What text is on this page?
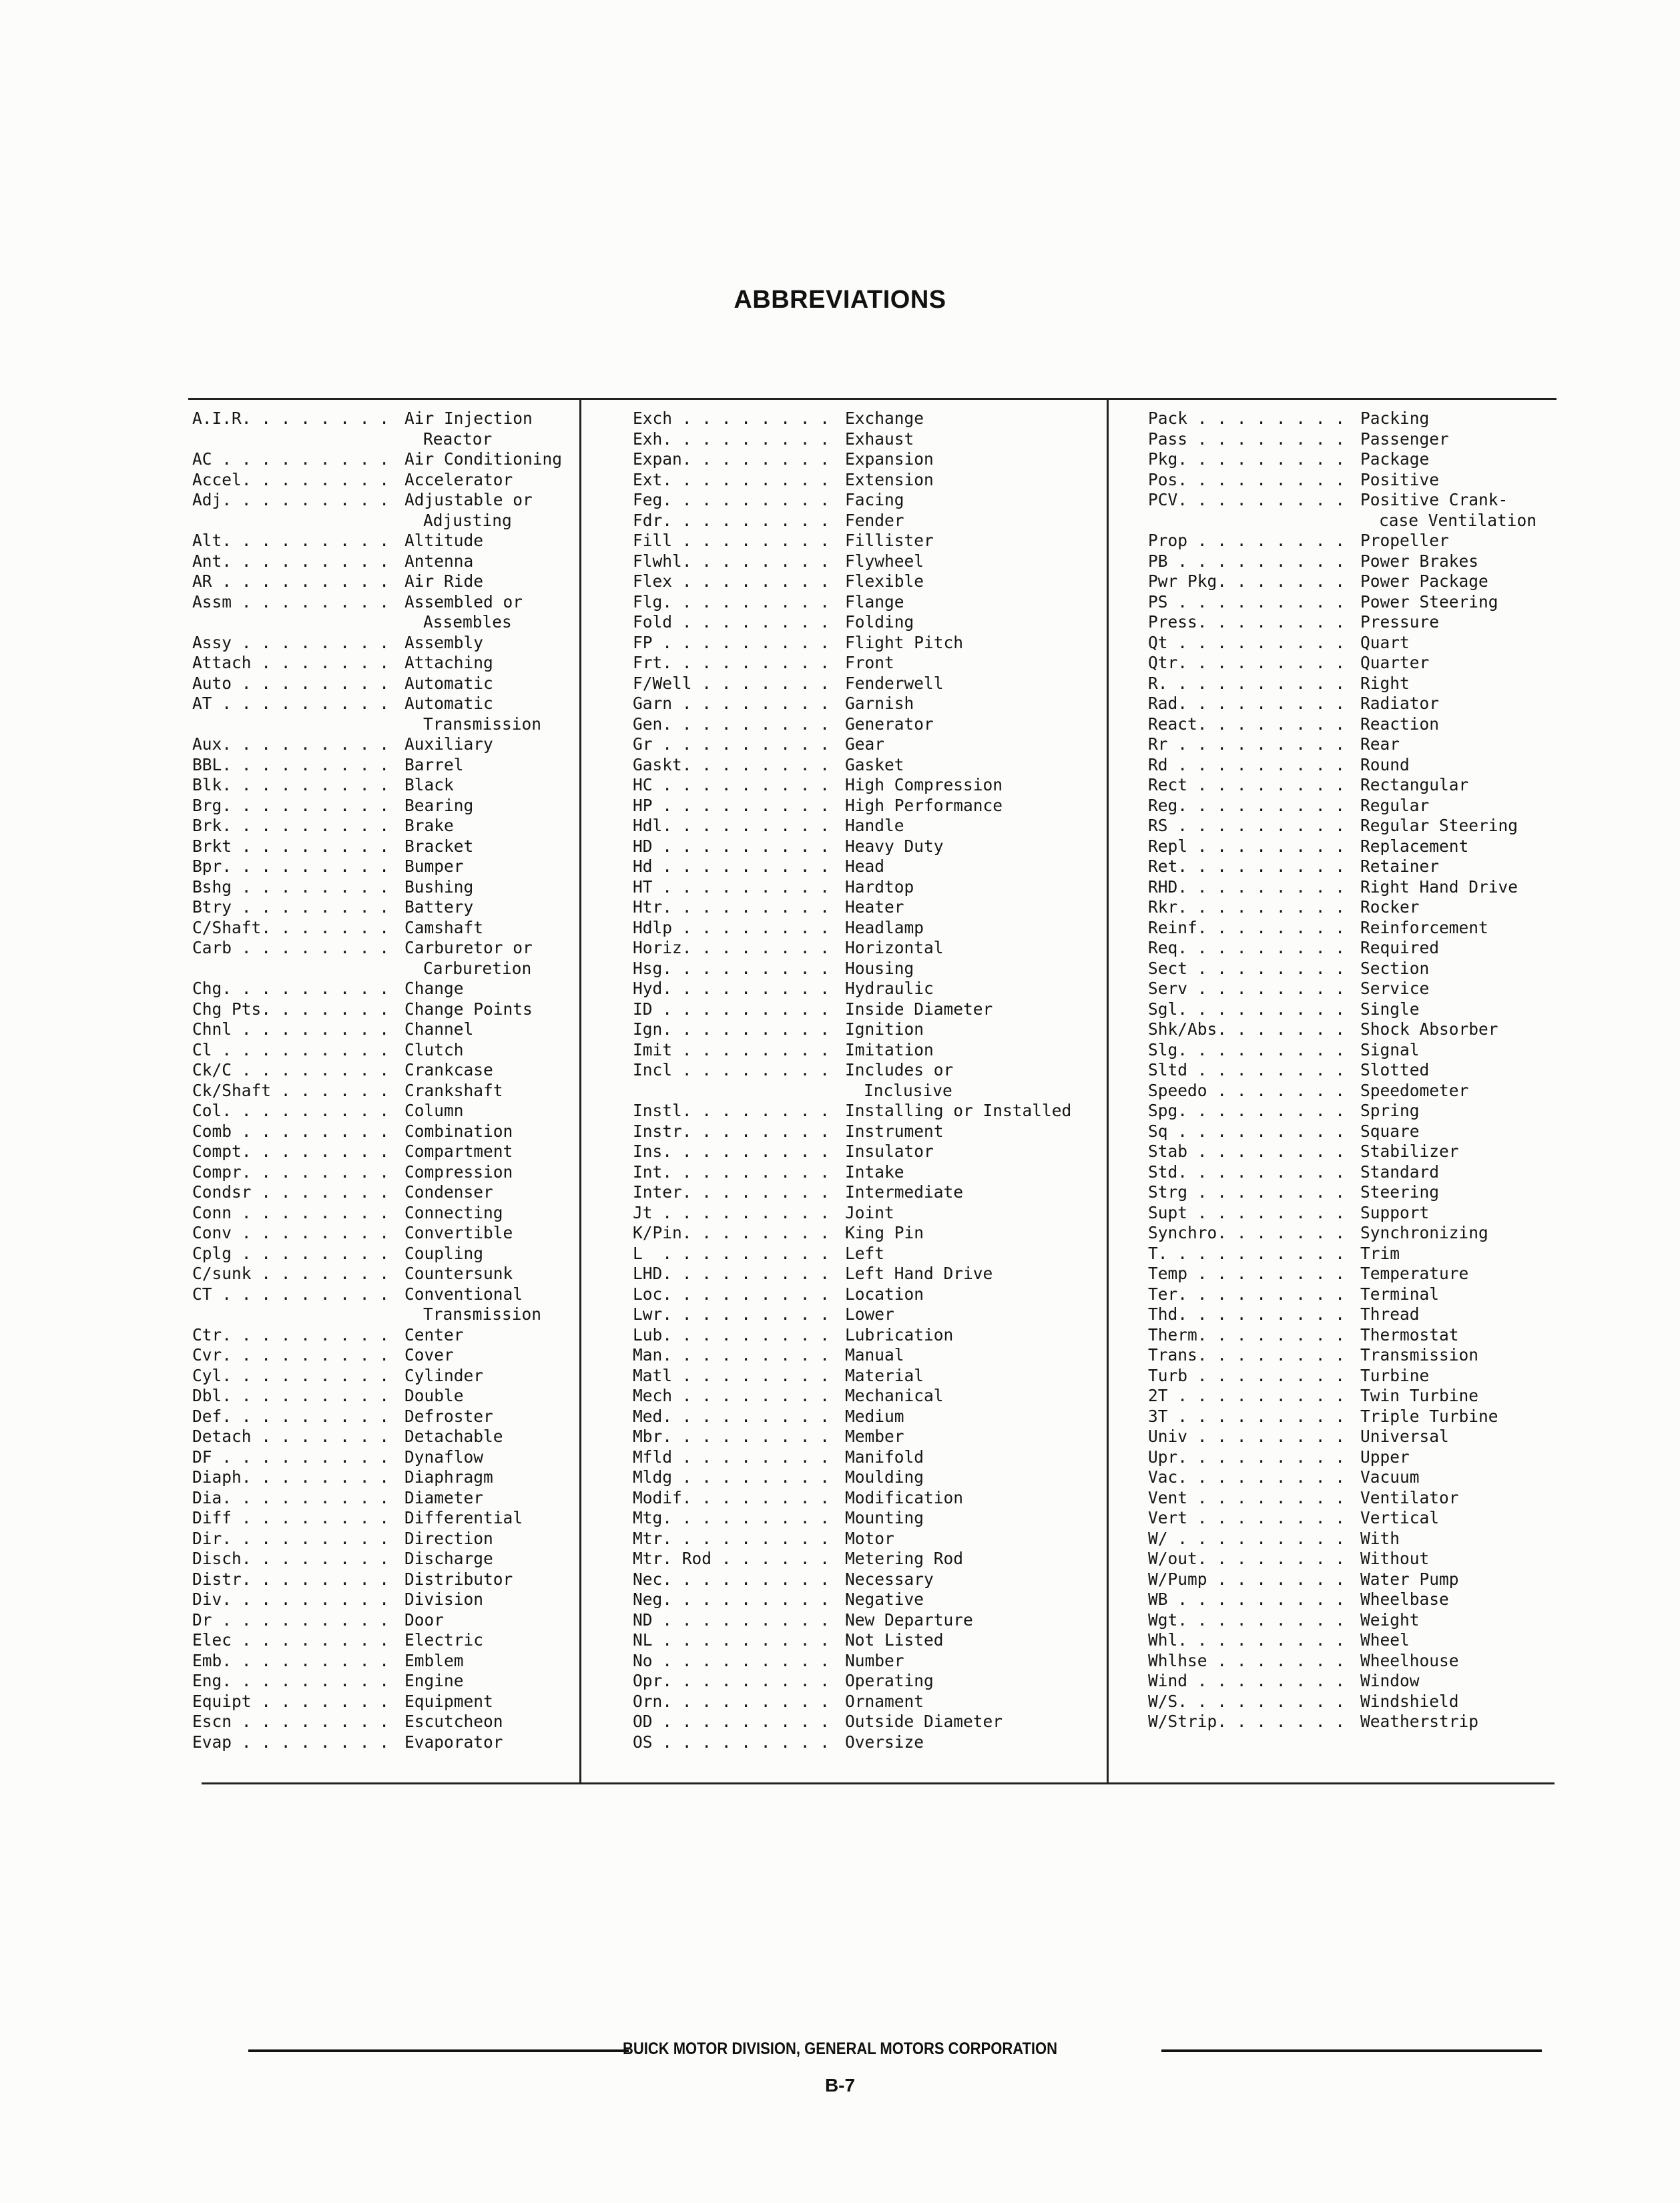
ABBREVIATIONS
A.I.R. . . . . . . . Air Injection
Reactor
AC . . . . . . . . . Air Conditioning
Accel. . . . . . . . Accelerator
Adj. . . . . . . . . Adjustable or
Adjusting
Alt. . . . . . . . . Altitude
Ant. . . . . . . . . Antenna
AR . . . . . . . . . Air Ride
Assm . . . . . . . . Assembled or
Assembles
Assy . . . . . . . . Assembly
Attach . . . . . . . Attaching
Auto . . . . . . . . Automatic
AT . . . . . . . . . Automatic
Transmission
Aux. . . . . . . . . Auxiliary
BBL. . . . . . . . . Barrel
Blk. . . . . . . . . Black
Brg. . . . . . . . . Bearing
Brk. . . . . . . . . Brake
Brkt . . . . . . . . Bracket
Bpr. . . . . . . . . Bumper
Bshg . . . . . . . . Bushing
Btry . . . . . . . . Battery
C/Shaft. . . . . . . Camshaft
Carb . . . . . . . . Carburetor or
Carburetion
Chg. . . . . . . . . Change
Chg Pts. . . . . . . Change Points
Chnl . . . . . . . . Channel
Cl . . . . . . . . . Clutch
Ck/C . . . . . . . . Crankcase
Ck/Shaft . . . . . . Crankshaft
Col. . . . . . . . . Column
Comb . . . . . . . . Combination
Compt. . . . . . . . Compartment
Compr. . . . . . . . Compression
Condsr . . . . . . . Condenser
Conn . . . . . . . . Connecting
Conv . . . . . . . . Convertible
Cplg . . . . . . . . Coupling
C/sunk . . . . . . . Countersunk
CT . . . . . . . . . Conventional
Transmission
Ctr. . . . . . . . . Center
Cvr. . . . . . . . . Cover
Cyl. . . . . . . . . Cylinder
Dbl. . . . . . . . . Double
Def. . . . . . . . . Defroster
Detach . . . . . . . Detachable
DF . . . . . . . . . Dynaflow
Diaph. . . . . . . . Diaphragm
Dia. . . . . . . . . Diameter
Diff . . . . . . . . Differential
Dir. . . . . . . . . Direction
Disch. . . . . . . . Discharge
Distr. . . . . . . . Distributor
Div. . . . . . . . . Division
Dr . . . . . . . . . Door
Elec . . . . . . . . Electric
Emb. . . . . . . . . Emblem
Eng. . . . . . . . . Engine
Equipt . . . . . . . Equipment
Escn . . . . . . . . Escutcheon
Evap . . . . . . . . Evaporator
Exch . . . . . . . . Exchange
Exh. . . . . . . . . Exhaust
Expan. . . . . . . . Expansion
Ext. . . . . . . . . Extension
Feg. . . . . . . . . Facing
Fdr. . . . . . . . . Fender
Fill . . . . . . . . Fillister
Flwhl. . . . . . . . Flywheel
Flex . . . . . . . . Flexible
Flg. . . . . . . . . Flange
Fold . . . . . . . . Folding
FP . . . . . . . . . Flight Pitch
Frt. . . . . . . . . Front
F/Well . . . . . . . Fenderwell
Garn . . . . . . . . Garnish
Gen. . . . . . . . . Generator
Gr . . . . . . . . . Gear
Gaskt. . . . . . . . Gasket
HC . . . . . . . . . High Compression
HP . . . . . . . . . High Performance
Hdl. . . . . . . . . Handle
HD . . . . . . . . . Heavy Duty
Hd . . . . . . . . . Head
HT . . . . . . . . . Hardtop
Htr. . . . . . . . . Heater
Hdlp . . . . . . . . Headlamp
Horiz. . . . . . . . Horizontal
Hsg. . . . . . . . . Housing
Hyd. . . . . . . . . Hydraulic
ID . . . . . . . . . Inside Diameter
Ign. . . . . . . . . Ignition
Imit . . . . . . . . Imitation
Incl . . . . . . . . Includes or
Inclusive
Instl. . . . . . . . Installing or Installed
Instr. . . . . . . . Instrument
Ins. . . . . . . . . Insulator
Int. . . . . . . . . Intake
Inter. . . . . . . . Intermediate
Jt . . . . . . . . . Joint
K/Pin. . . . . . . . King Pin
L  . . . . . . . . . Left
LHD. . . . . . . . . Left Hand Drive
Loc. . . . . . . . . Location
Lwr. . . . . . . . . Lower
Lub. . . . . . . . . Lubrication
Man. . . . . . . . . Manual
Matl . . . . . . . . Material
Mech . . . . . . . . Mechanical
Med. . . . . . . . . Medium
Mbr. . . . . . . . . Member
Mfld . . . . . . . . Manifold
Mldg . . . . . . . . Moulding
Modif. . . . . . . . Modification
Mtg. . . . . . . . . Mounting
Mtr. . . . . . . . . Motor
Mtr. Rod . . . . . . Metering Rod
Nec. . . . . . . . . Necessary
Neg. . . . . . . . . Negative
ND . . . . . . . . . New Departure
NL . . . . . . . . . Not Listed
No . . . . . . . . . Number
Opr. . . . . . . . . Operating
Orn. . . . . . . . . Ornament
OD . . . . . . . . . Outside Diameter
OS . . . . . . . . . Oversize
Pack . . . . . . . . Packing
Pass . . . . . . . . Passenger
Pkg. . . . . . . . . Package
Pos. . . . . . . . . Positive
PCV. . . . . . . . . Positive Crank-
case Ventilation
Prop . . . . . . . . Propeller
PB . . . . . . . . . Power Brakes
Pwr Pkg. . . . . . . Power Package
PS . . . . . . . . . Power Steering
Press. . . . . . . . Pressure
Qt . . . . . . . . . Quart
Qtr. . . . . . . . . Quarter
R. . . . . . . . . . Right
Rad. . . . . . . . . Radiator
React. . . . . . . . Reaction
Rr . . . . . . . . . Rear
Rd . . . . . . . . . Round
Rect . . . . . . . . Rectangular
Reg. . . . . . . . . Regular
RS . . . . . . . . . Regular Steering
Repl . . . . . . . . Replacement
Ret. . . . . . . . . Retainer
RHD. . . . . . . . . Right Hand Drive
Rkr. . . . . . . . . Rocker
Reinf. . . . . . . . Reinforcement
Req. . . . . . . . . Required
Sect . . . . . . . . Section
Serv . . . . . . . . Service
Sgl. . . . . . . . . Single
Shk/Abs. . . . . . . Shock Absorber
Slg. . . . . . . . . Signal
Sltd . . . . . . . . Slotted
Speedo . . . . . . . Speedometer
Spg. . . . . . . . . Spring
Sq . . . . . . . . . Square
Stab . . . . . . . . Stabilizer
Std. . . . . . . . . Standard
Strg . . . . . . . . Steering
Supt . . . . . . . . Support
Synchro. . . . . . . Synchronizing
T. . . . . . . . . . Trim
Temp . . . . . . . . Temperature
Ter. . . . . . . . . Terminal
Thd. . . . . . . . . Thread
Therm. . . . . . . . Thermostat
Trans. . . . . . . . Transmission
Turb . . . . . . . . Turbine
2T . . . . . . . . . Twin Turbine
3T . . . . . . . . . Triple Turbine
Univ . . . . . . . . Universal
Upr. . . . . . . . . Upper
Vac. . . . . . . . . Vacuum
Vent . . . . . . . . Ventilator
Vert . . . . . . . . Vertical
W/ . . . . . . . . . With
W/out. . . . . . . . Without
W/Pump . . . . . . . Water Pump
WB . . . . . . . . . Wheelbase
Wgt. . . . . . . . . Weight
Whl. . . . . . . . . Wheel
Whlhse . . . . . . . Wheelhouse
Wind . . . . . . . . Window
W/S. . . . . . . . . Windshield
W/Strip. . . . . . . Weatherstrip
BUICK MOTOR DIVISION, GENERAL MOTORS CORPORATION
B-7
